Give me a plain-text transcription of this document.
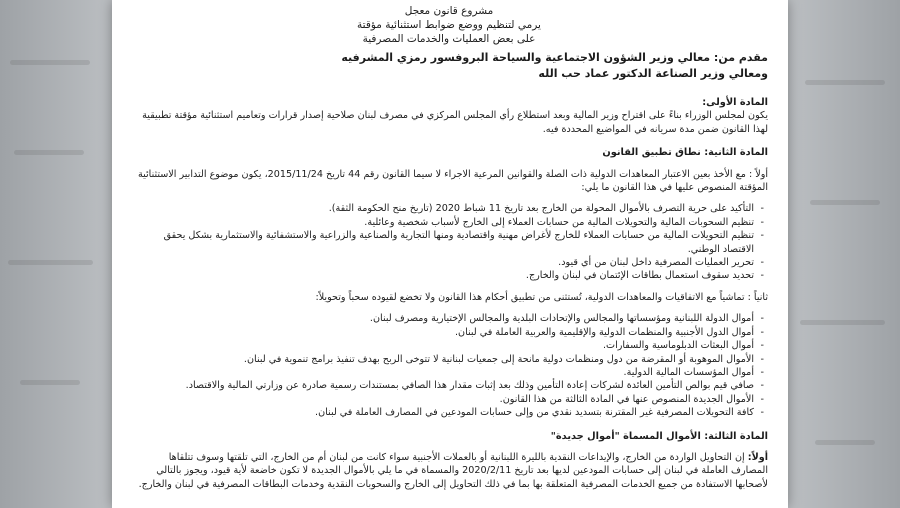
مشروع قانون معجل

يرمي لتنظيم ووضع ضوابط استثنائية مؤقتة

على بعض العمليات والخدمات المصرفية

مقدم من: معالي وزير الشؤون الاجتماعية والسياحة البروفسور رمزي المشرفيه

ومعالي وزير الصناعة الدكتور عماد حب الله

المادة الأولى:

يكون لمجلس الوزراء بناءً على اقتراح وزير المالية وبعد استطلاع رأي المجلس المركزي في مصرف لبنان صلاحية إصدار قرارات وتعاميم استثنائية مؤقتة تطبيقية لهذا القانون ضمن مدة سريانه في المواضيع المحددة فيه.

المادة الثانية: نطاق تطبيق القانون

أولاً : مع الأخذ بعين الاعتبار المعاهدات الدولية ذات الصلة والقوانين المرعية الاجراء لا سيما القانون رقم 44 تاريخ 2015/11/24، يكون موضوع التدابير الاستثنائية المؤقتة المنصوص عليها في هذا القانون ما يلي:

- التأكيد على حرية التصرف بالأموال المحولة من الخارج بعد تاريخ 11 شباط 2020 (تاريخ منح الحكومة الثقة).
- تنظيم السحوبات المالية والتحويلات المالية من حسابات العملاء إلى الخارج لأسباب شخصية وعائلية.
- تنظيم التحويلات المالية من حسابات العملاء للخارج لأغراض مهنية واقتصادية ومنها التجارية والصناعية والزراعية والاستشفائية والاستثمارية بشكل يحقق الاقتصاد الوطني.
- تحرير العمليات المصرفية داخل لبنان من أي قيود.
- تحديد سقوف استعمال بطاقات الإئتمان في لبنان والخارج.

ثانياً : تماشياً مع الاتفاقيات والمعاهدات الدولية، تُستثنى من تطبيق أحكام هذا القانون ولا تخضع لقيوده سحباً وتحويلاً:

- أموال الدولة اللبنانية ومؤسساتها والمجالس والإتحادات البلدية والمجالس الإختيارية ومصرف لبنان.
- أموال الدول الأجنبية والمنظمات الدولية والإقليمية والعربية العاملة في لبنان.
- أموال البعثات الدبلوماسية والسفارات.
- الأموال الموهوبة أو المقرضة من دول ومنظمات دولية مانحة إلى جمعيات لبنانية لا تتوخى الربح بهدف تنفيذ برامج تنموية في لبنان.
- أموال المؤسسات المالية الدولية.
- صافي قيم بوالص التأمين العائدة لشركات إعادة التأمين وذلك بعد إثبات مقدار هذا الصافي بمستندات رسمية صادرة عن وزارتي المالية والاقتصاد.
- الأموال الجديدة المنصوص عنها في المادة الثالثة من هذا القانون.
- كافة التحويلات المصرفية غير المقترنة بتسديد نقدي من وإلى حسابات المودعين في المصارف العاملة في لبنان.
المادة الثالثة: الأموال المسماة "أموال جديدة"

أولاً: إن التحاويل الواردة من الخارج، والإيداعات النقدية بالليرة اللبنانية أو بالعملات الأجنبية سواء كانت من لبنان أم من الخارج، التي تلقتها وسوف تتلقاها المصارف العاملة في لبنان إلى حسابات المودعين لديها بعد تاريخ 2020/2/11 والمسماة في ما يلي بالأموال الجديدة لا تكون خاضعة لأية قيود، ويجوز بالتالي لأصحابها الاستفادة من جميع الخدمات المصرفية المتعلقة بها بما في ذلك التحاويل إلى الخارج والسحوبات النقدية وخدمات البطاقات المصرفية في لبنان والخارج.
